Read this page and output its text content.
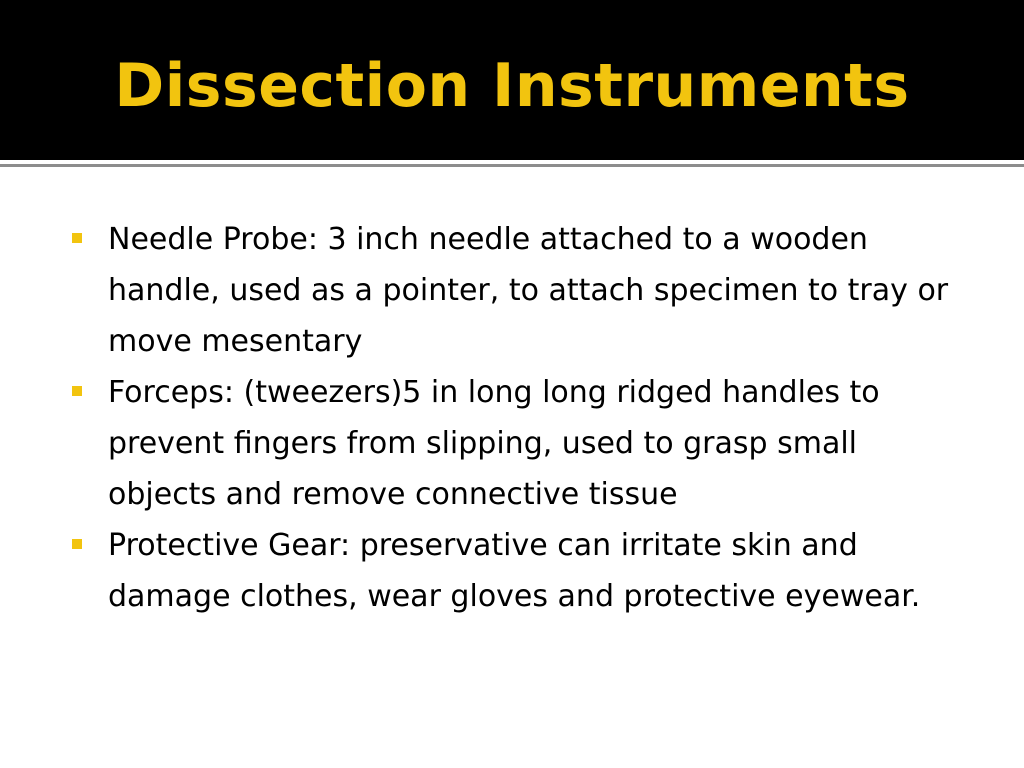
Dissection Instruments
Needle Probe: 3 inch needle attached to a wooden handle, used as a pointer, to attach specimen to tray or move mesentary
Forceps: (tweezers)5 in long long ridged handles to prevent fingers from slipping, used to grasp small objects and remove connective tissue
Protective Gear: preservative can irritate skin and damage clothes, wear gloves and protective eyewear.
